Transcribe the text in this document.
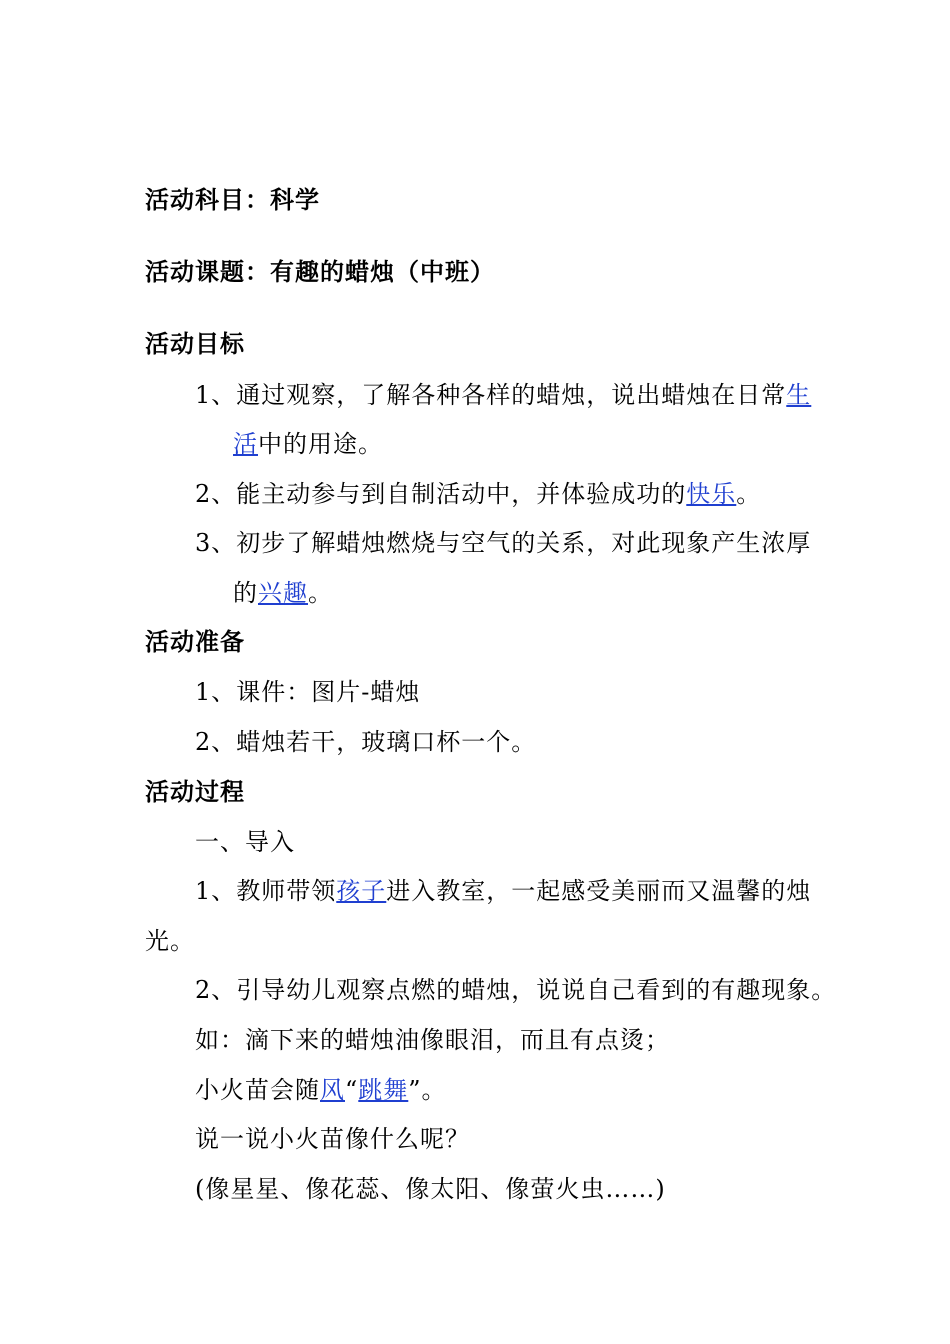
活动科目：科学
活动课题：有趣的蜡烛（中班）
活动目标
1、通过观察，了解各种各样的蜡烛，说出蜡烛在日常生
活中的用途。
2、能主动参与到自制活动中，并体验成功的快乐。
3、初步了解蜡烛燃烧与空气的关系，对此现象产生浓厚
的兴趣。
活动准备
1、课件：图片-蜡烛
2、蜡烛若干，玻璃口杯一个。
活动过程
一、导入
1、教师带领孩子进入教室，一起感受美丽而又温馨的烛
光。
2、引导幼儿观察点燃的蜡烛，说说自己看到的有趣现象。
如：滴下来的蜡烛油像眼泪，而且有点烫；
小火苗会随风“跳舞”。
说一说小火苗像什么呢？
(像星星、像花蕊、像太阳、像萤火虫……)
